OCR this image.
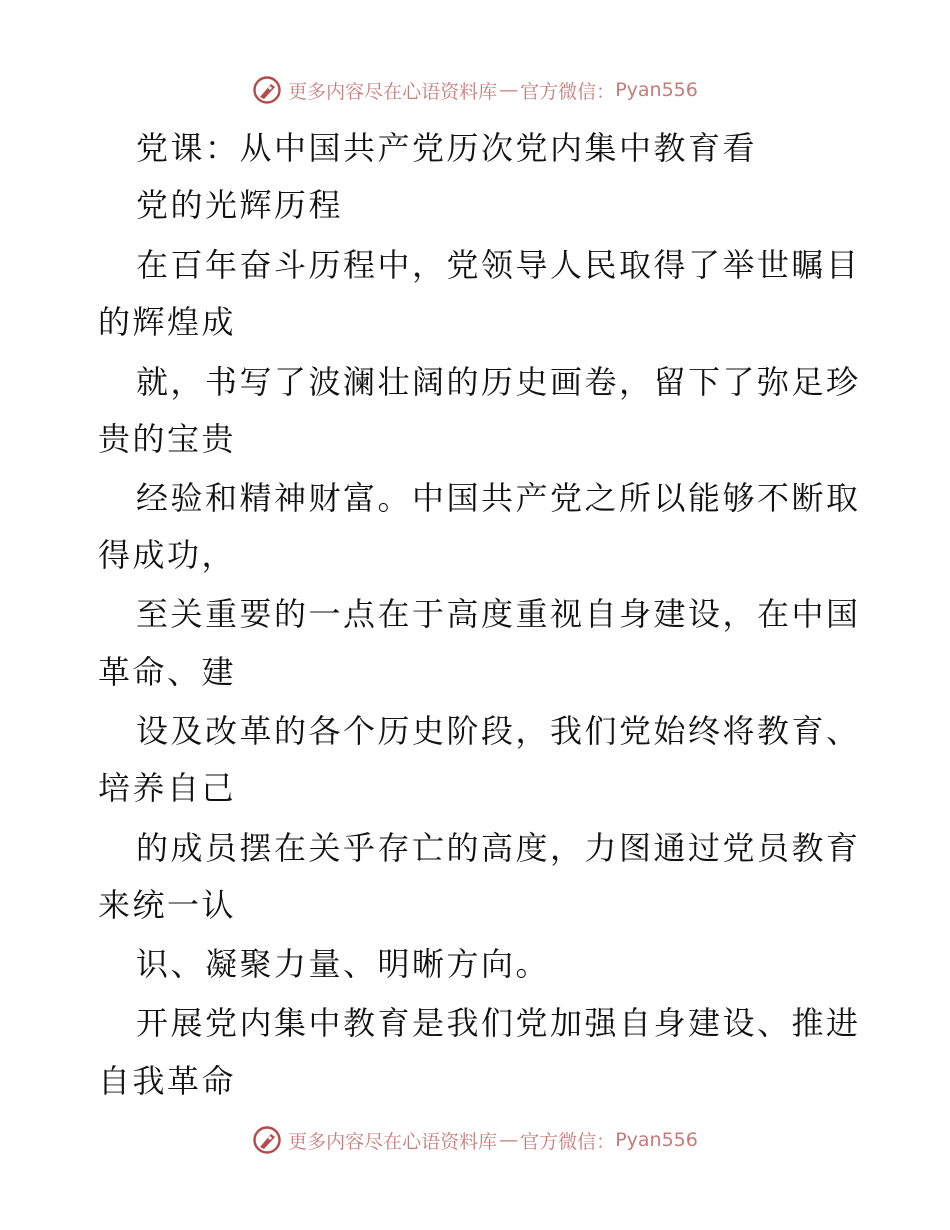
更多内容尽在心语资料库 — 官方微信： Pyan556
党课：从中国共产党历次党内集中教育看
党的光辉历程
在百年奋斗历程中，党领导人民取得了举世瞩目
的辉煌成
就，书写了波澜壮阔的历史画卷，留下了弥足珍
贵的宝贵
经验和精神财富。中国共产党之所以能够不断取
得成功，
至关重要的一点在于高度重视自身建设，在中国
革命、建
设及改革的各个历史阶段，我们党始终将教育、
培养自己
的成员摆在关乎存亡的高度，力图通过党员教育
来统一认
识、凝聚力量、明晰方向。
开展党内集中教育是我们党加强自身建设、推进
自我革命
更多内容尽在心语资料库 — 官方微信： Pyan556
